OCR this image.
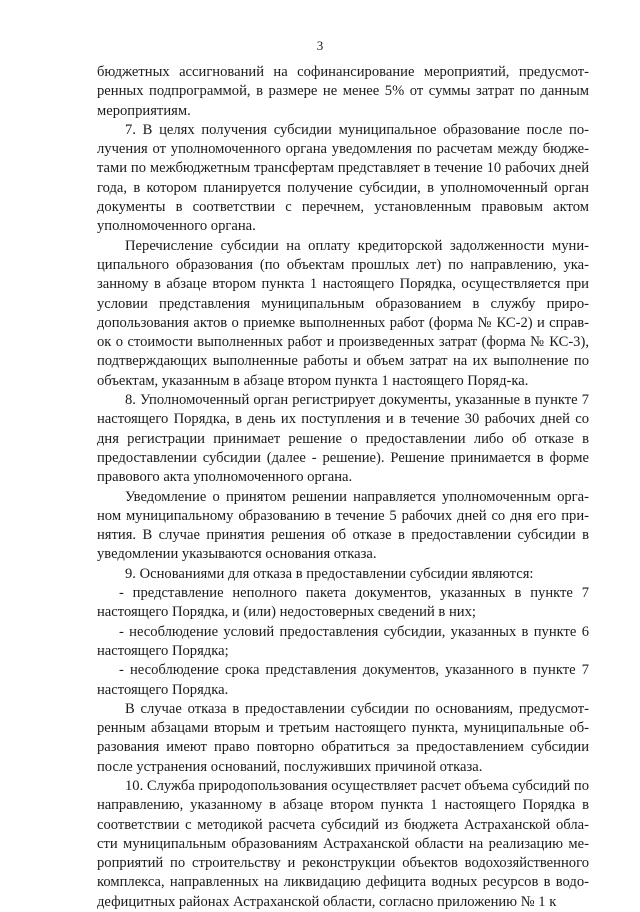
3

бюджетных ассигнований на софинансирование мероприятий, предусмот-ренных подпрограммой, в размере не менее 5% от суммы затрат по данным мероприятиям.

7. В целях получения субсидии муниципальное образование после по-лучения от уполномоченного органа уведомления по расчетам между бюдже-тами по межбюджетным трансфертам представляет в течение 10 рабочих дней года, в котором планируется получение субсидии, в уполномоченный орган документы в соответствии с перечнем, установленным правовым актом уполномоченного органа.

Перечисление субсидии на оплату кредиторской задолженности муни-ципального образования (по объектам прошлых лет) по направлению, ука-занному в абзаце втором пункта 1 настоящего Порядка, осуществляется при условии представления муниципальным образованием в службу приро-допользования актов о приемке выполненных работ (форма № КС-2) и справ-ок о стоимости выполненных работ и произведенных затрат (форма № КС-3), подтверждающих выполненные работы и объем затрат на их выполнение по объектам, указанным в абзаце втором пункта 1 настоящего Поряд-ка.

8. Уполномоченный орган регистрирует документы, указанные в пункте 7 настоящего Порядка, в день их поступления и в течение 30 рабочих дней со дня регистрации принимает решение о предоставлении либо об отказе в предоставлении субсидии (далее - решение). Решение принимается в форме правового акта уполномоченного органа.

Уведомление о принятом решении направляется уполномоченным орга-ном муниципальному образованию в течение 5 рабочих дней со дня его при-нятия. В случае принятия решения об отказе в предоставлении субсидии в уведомлении указываются основания отказа.

9. Основаниями для отказа в предоставлении субсидии являются:

- представление неполного пакета документов, указанных в пункте 7 настоящего Порядка, и (или) недостоверных сведений в них;

- несоблюдение условий предоставления субсидии, указанных в пункте 6 настоящего Порядка;

- несоблюдение срока представления документов, указанного в пункте 7 настоящего Порядка.

В случае отказа в предоставлении субсидии по основаниям, предусмот-ренным абзацами вторым и третьим настоящего пункта, муниципальные об-разования имеют право повторно обратиться за предоставлением субсидии после устранения оснований, послуживших причиной отказа.

10. Служба природопользования осуществляет расчет объема субсидий по направлению, указанному в абзаце втором пункта 1 настоящего Порядка в соответствии с методикой расчета субсидий из бюджета Астраханской обла-сти муниципальным образованиям Астраханской области на реализацию ме-роприятий по строительству и реконструкции объектов водохозяйственного комплекса, направленных на ликвидацию дефицита водных ресурсов в водо-дефицитных районах Астраханской области, согласно приложению № 1 к
